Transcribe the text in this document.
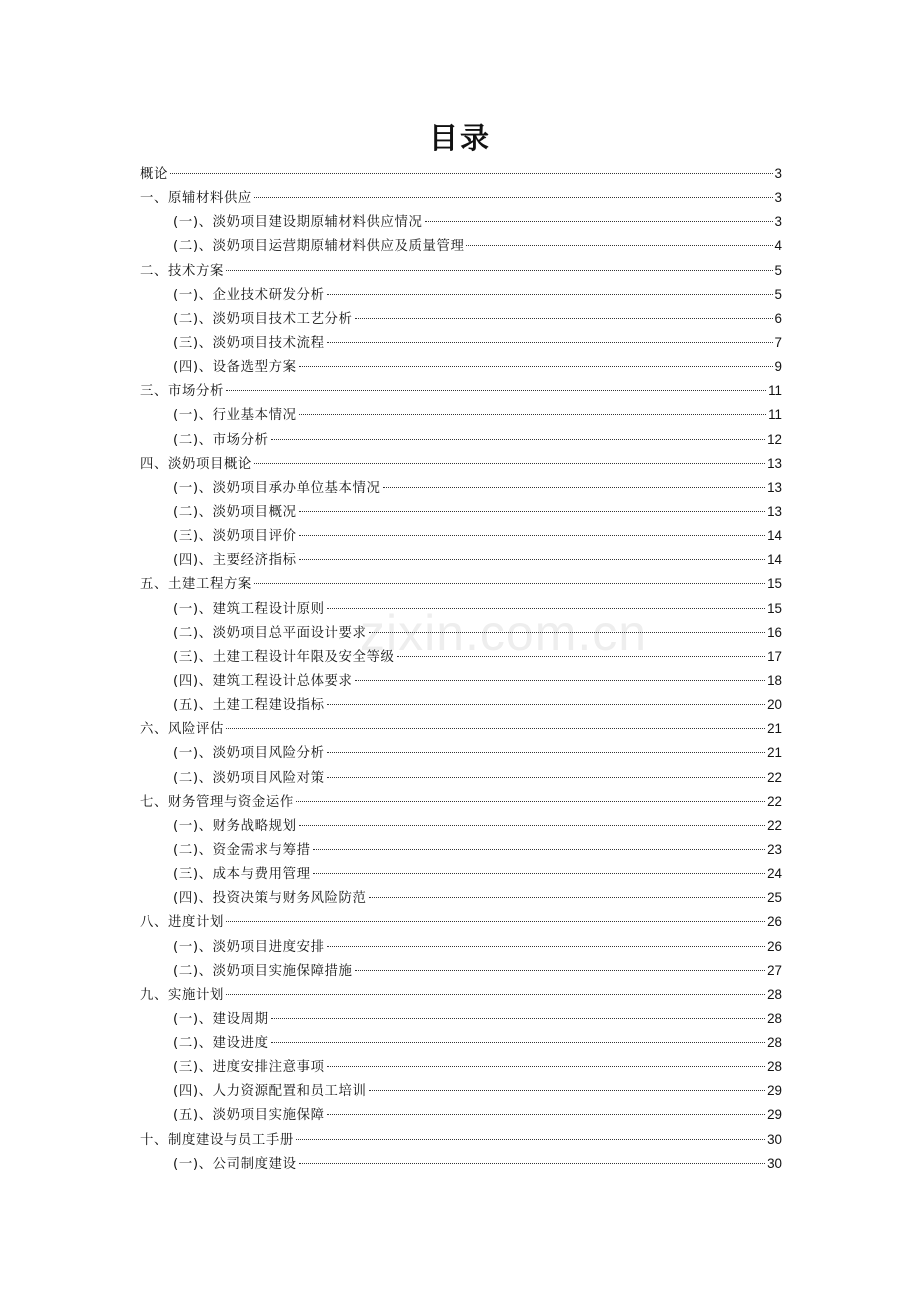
zixin.com.cn
目录
概论	3
一、原辅材料供应	3
(一)、淡奶项目建设期原辅材料供应情况	3
(二)、淡奶项目运营期原辅材料供应及质量管理	4
二、技术方案	5
(一)、企业技术研发分析	5
(二)、淡奶项目技术工艺分析	6
(三)、淡奶项目技术流程	7
(四)、设备选型方案	9
三、市场分析	11
(一)、行业基本情况	11
(二)、市场分析	12
四、淡奶项目概论	13
(一)、淡奶项目承办单位基本情况	13
(二)、淡奶项目概况	13
(三)、淡奶项目评价	14
(四)、主要经济指标	14
五、土建工程方案	15
(一)、建筑工程设计原则	15
(二)、淡奶项目总平面设计要求	16
(三)、土建工程设计年限及安全等级	17
(四)、建筑工程设计总体要求	18
(五)、土建工程建设指标	20
六、风险评估	21
(一)、淡奶项目风险分析	21
(二)、淡奶项目风险对策	22
七、财务管理与资金运作	22
(一)、财务战略规划	22
(二)、资金需求与筹措	23
(三)、成本与费用管理	24
(四)、投资决策与财务风险防范	25
八、进度计划	26
(一)、淡奶项目进度安排	26
(二)、淡奶项目实施保障措施	27
九、实施计划	28
(一)、建设周期	28
(二)、建设进度	28
(三)、进度安排注意事项	28
(四)、人力资源配置和员工培训	29
(五)、淡奶项目实施保障	29
十、制度建设与员工手册	30
(一)、公司制度建设	30
